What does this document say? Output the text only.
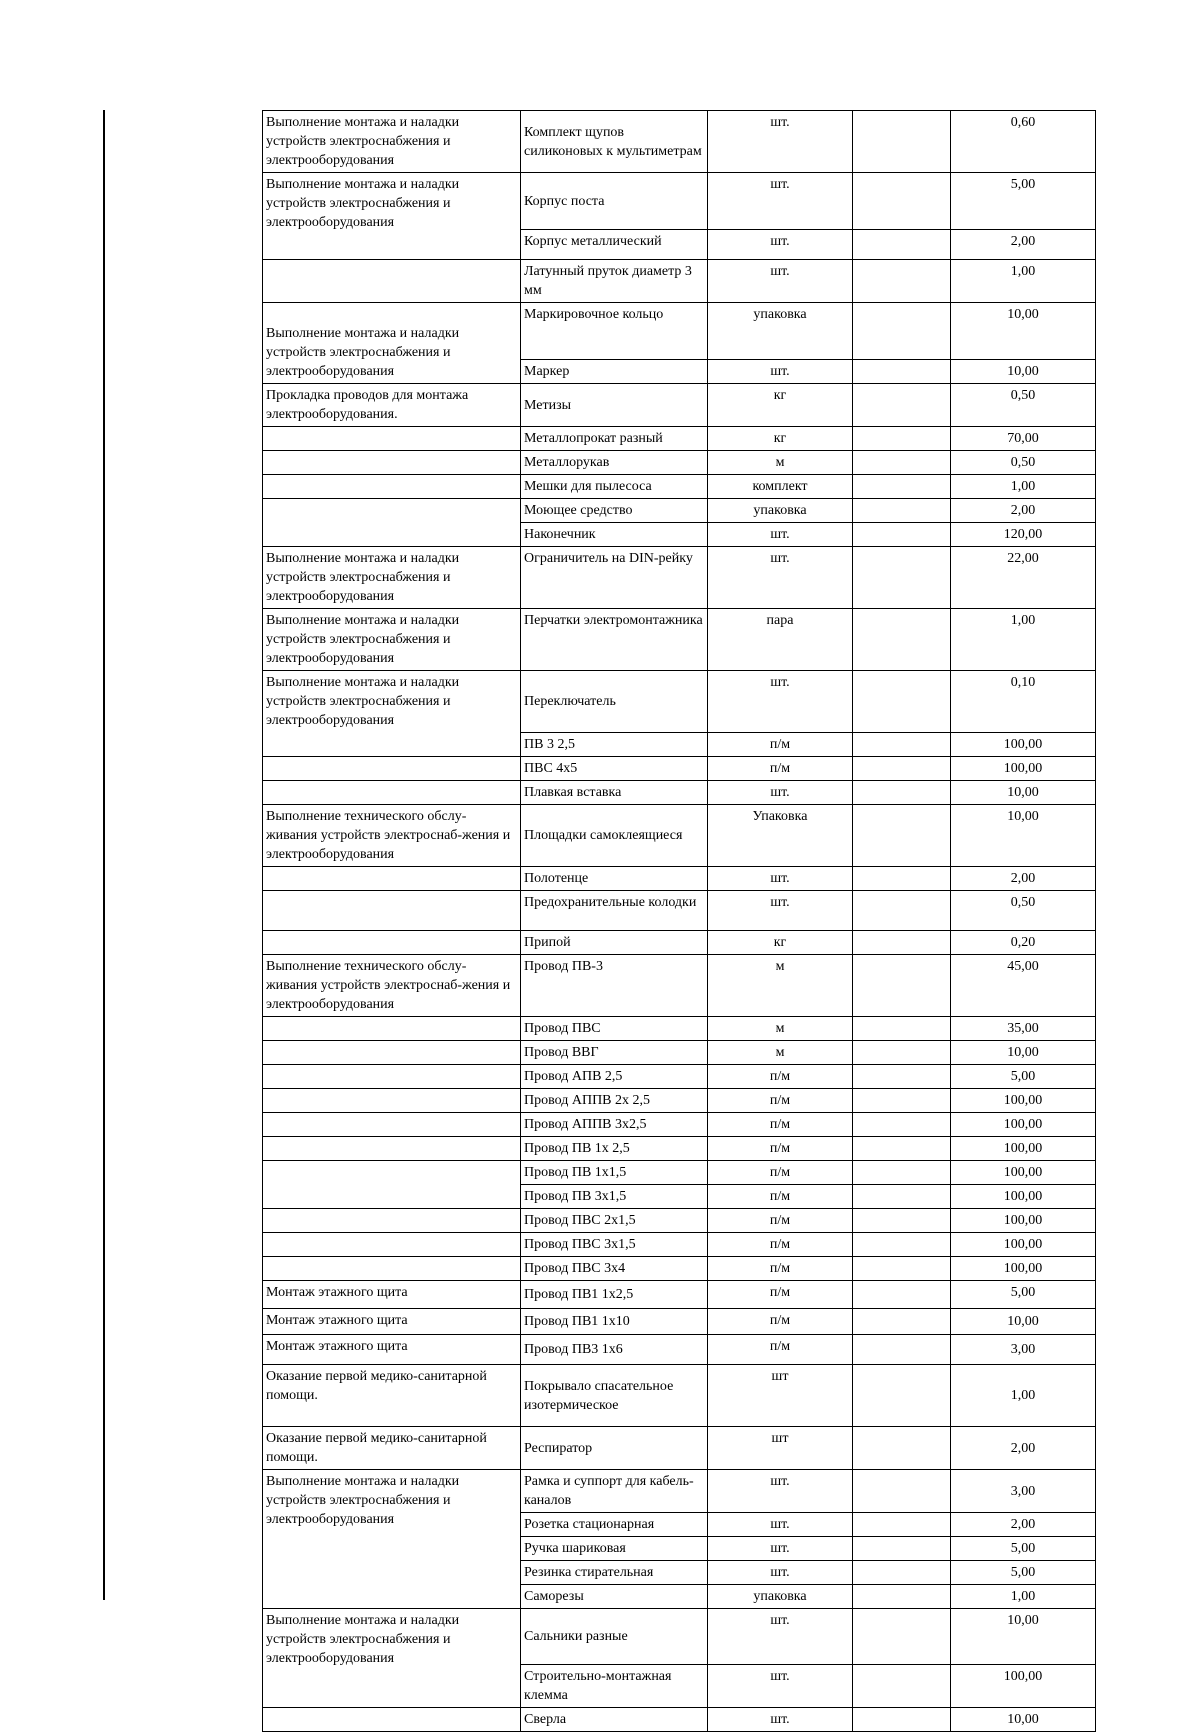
Выполнение монтажа и наладки устройств электроснабжения и электрооборудования	Комплект щупов силиконовых к мультиметрам	шт.		0,60
Выполнение монтажа и наладки устройств электроснабжения и электрооборудования	Корпус поста	шт.		5,00
	Корпус металлический	шт.		2,00
	Латунный пруток диаметр 3 мм	шт.		1,00
Выполнение монтажа и наладки устройств электроснабжения и электрооборудования	Маркировочное кольцо	упаковка		10,00
	Маркер	шт.		10,00
Прокладка проводов для монтажа электрооборудования.	Метизы	кг		0,50
	Металлопрокат разный	кг		70,00
	Металлорукав	м		0,50
	Мешки для пылесоса	комплект		1,00
	Моющее средство	упаковка		2,00
	Наконечник	шт.		120,00
Выполнение монтажа и наладки устройств электроснабжения и электрооборудования	Ограничитель на DIN-рейку	шт.		22,00
Выполнение монтажа и наладки устройств электроснабжения и электрооборудования	Перчатки электромонтажника	пара		1,00
Выполнение монтажа и наладки устройств электроснабжения и электрооборудования	Переключатель	шт.		0,10
	ПВ 3 2,5	п/м		100,00
	ПВС 4х5	п/м		100,00
	Плавкая вставка	шт.		10,00
Выполнение технического обслу-живания устройств электроснаб-жения и электрооборудования	Площадки самоклеящиеся	Упаковка		10,00
	Полотенце	шт.		2,00
	Предохранительные колодки	шт.		0,50
	Припой	кг		0,20
Выполнение технического обслу-живания устройств электроснаб-жения и электрооборудования	Провод ПВ-3	м		45,00
	Провод ПВС	м		35,00
	Провод ВВГ	м		10,00
	Провод АПВ 2,5	п/м		5,00
	Провод АППВ 2х 2,5	п/м		100,00
	Провод АППВ 3х2,5	п/м		100,00
	Провод ПВ 1х 2,5	п/м		100,00
	Провод ПВ 1х1,5	п/м		100,00
	Провод ПВ 3х1,5	п/м		100,00
	Провод ПВС 2х1,5	п/м		100,00
	Провод ПВС 3х1,5	п/м		100,00
	Провод ПВС 3х4	п/м		100,00
Монтаж этажного щита	Провод ПВ1 1х2,5	п/м		5,00
Монтаж этажного щита	Провод ПВ1 1х10	п/м		10,00
Монтаж этажного щита	Провод ПВ3 1х6	п/м		3,00
Оказание первой медико-санитарной помощи.	Покрывало спасательное изотермическое	шт		1,00
Оказание первой медико-санитарной помощи.	Респиратор	шт		2,00
Выполнение монтажа и наладки устройств электроснабжения и электрооборудования	Рамка и суппорт для кабель-каналов	шт.		3,00
	Розетка стационарная	шт.		2,00
	Ручка шариковая	шт.		5,00
	Резинка стирательная	шт.		5,00
	Саморезы	упаковка		1,00
Выполнение монтажа и наладки устройств электроснабжения и электрооборудования	Сальники разные	шт.		10,00
	Строительно-монтажная клемма	шт.		100,00
	Сверла	шт.		10,00
